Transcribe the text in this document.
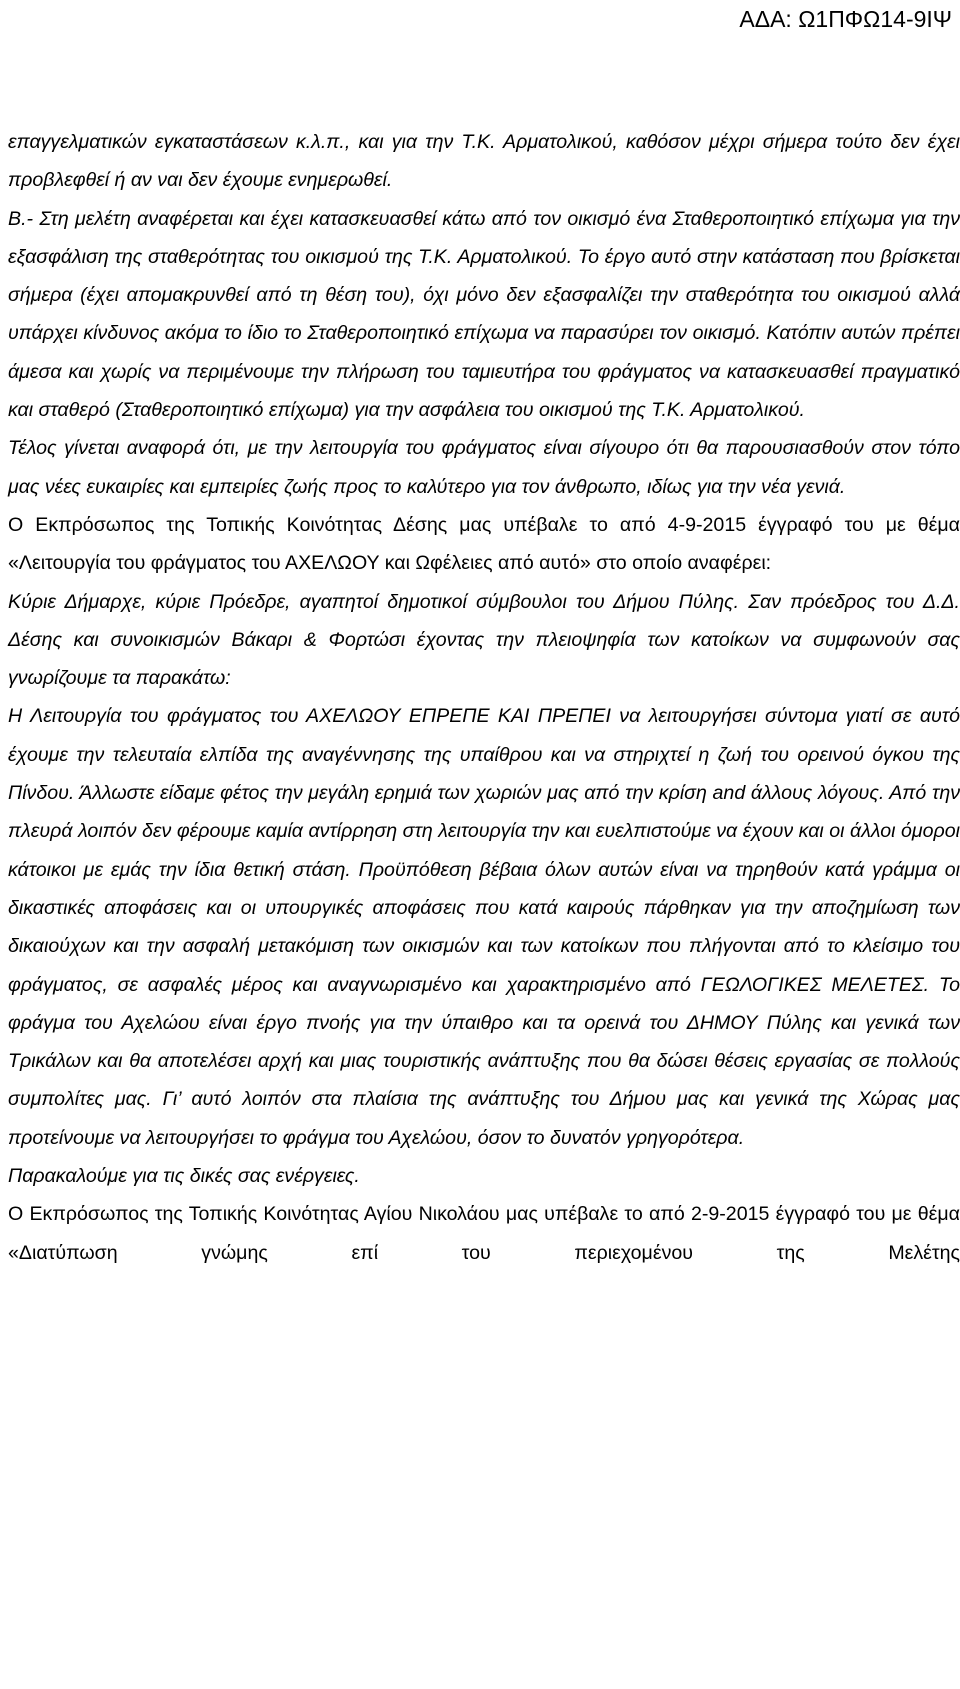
ΑΔΑ: Ω1ΠΦΩ14-9ΙΨ

επαγγελματικών εγκαταστάσεων κ.λ.π., και για την Τ.Κ. Αρματολικού, καθόσον μέχρι σήμερα τούτο δεν έχει προβλεφθεί ή αν ναι δεν έχουμε ενημερωθεί.

Β.- Στη μελέτη αναφέρεται και έχει κατασκευασθεί κάτω από τον οικισμό ένα Σταθεροποιητικό επίχωμα για την εξασφάλιση της σταθερότητας του οικισμού της Τ.Κ. Αρματολικού. Το έργο αυτό στην κατάσταση που βρίσκεται σήμερα (έχει απομακρυνθεί από τη θέση του), όχι μόνο δεν εξασφαλίζει την σταθερότητα του οικισμού αλλά υπάρχει κίνδυνος ακόμα το ίδιο το Σταθεροποιητικό επίχωμα να παρασύρει τον οικισμό. Κατόπιν αυτών πρέπει άμεσα και χωρίς να περιμένουμε την πλήρωση του ταμιευτήρα του φράγματος να κατασκευασθεί πραγματικό και σταθερό (Σταθεροποιητικό επίχωμα) για την ασφάλεια του οικισμού της Τ.Κ. Αρματολικού.

Τέλος γίνεται αναφορά ότι, με την λειτουργία του φράγματος είναι σίγουρο ότι θα παρουσιασθούν στον τόπο μας νέες ευκαιρίες και εμπειρίες ζωής προς το καλύτερο για τον άνθρωπο, ιδίως για την νέα γενιά.

Ο Εκπρόσωπος της Τοπικής Κοινότητας Δέσης μας υπέβαλε το από 4-9-2015 έγγραφό του με θέμα «Λειτουργία του φράγματος του ΑΧΕΛΩΟΥ και Ωφέλειες από αυτό» στο οποίο αναφέρει:

Κύριε Δήμαρχε, κύριε Πρόεδρε, αγαπητοί δημοτικοί σύμβουλοι του Δήμου Πύλης. Σαν πρόεδρος του Δ.Δ. Δέσης και συνοικισμών Βάκαρι & Φορτώσι έχοντας την πλειοψηφία των κατοίκων να συμφωνούν σας γνωρίζουμε τα παρακάτω:

Η Λειτουργία του φράγματος του ΑΧΕΛΩΟΥ ΕΠΡΕΠΕ ΚΑΙ ΠΡΕΠΕΙ να λειτουργήσει σύντομα γιατί σε αυτό έχουμε την τελευταία ελπίδα της αναγέννησης της υπαίθρου και να στηριχτεί η ζωή του ορεινού όγκου της Πίνδου. Άλλωστε είδαμε φέτος την μεγάλη ερημιά των χωριών μας από την κρίση and άλλους λόγους. Από την πλευρά λοιπόν δεν φέρουμε καμία αντίρρηση στη λειτουργία την και ευελπιστούμε να έχουν και οι άλλοι όμοροι κάτοικοι με εμάς την ίδια θετική στάση. Προϋπόθεση βέβαια όλων αυτών είναι να τηρηθούν κατά γράμμα οι δικαστικές αποφάσεις και οι υπουργικές αποφάσεις που κατά καιρούς πάρθηκαν για την αποζημίωση των δικαιούχων και την ασφαλή μετακόμιση των οικισμών και των κατοίκων που πλήγονται από το κλείσιμο του φράγματος, σε ασφαλές μέρος και αναγνωρισμένο και χαρακτηρισμένο από ΓΕΩΛΟΓΙΚΕΣ ΜΕΛΕΤΕΣ. Το φράγμα του Αχελώου είναι έργο πνοής για την ύπαιθρο και τα ορεινά του ΔΗΜΟΥ Πύλης και γενικά των Τρικάλων και θα αποτελέσει αρχή και μιας τουριστικής ανάπτυξης που θα δώσει θέσεις εργασίας σε πολλούς συμπολίτες μας. Γι’ αυτό λοιπόν στα πλαίσια της ανάπτυξης του Δήμου μας και γενικά της Χώρας μας προτείνουμε να λειτουργήσει το φράγμα του Αχελώου, όσον το δυνατόν γρηγορότερα.

Παρακαλούμε για τις δικές σας ενέργειες.

Ο Εκπρόσωπος της Τοπικής Κοινότητας Αγίου Νικολάου μας υπέβαλε το από 2-9-2015 έγγραφό του με θέμα «Διατύπωση γνώμης επί του περιεχομένου της Μελέτης
